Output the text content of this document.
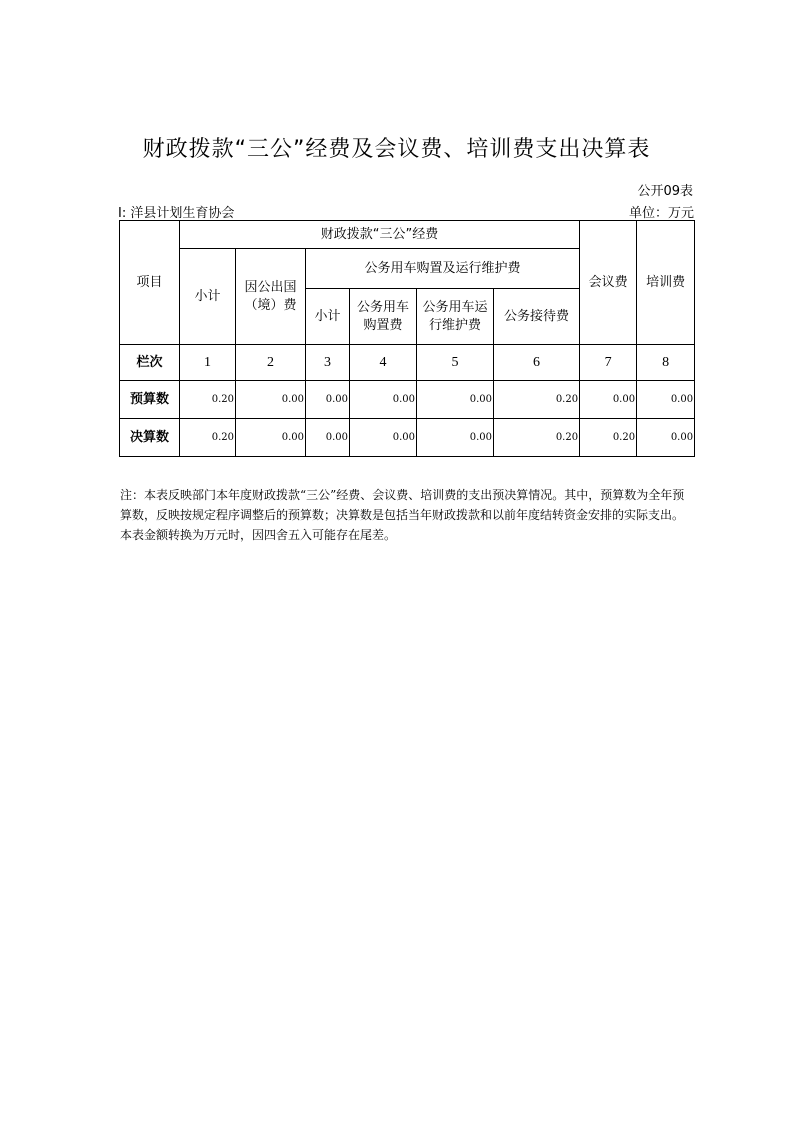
财政拨款“三公”经费及会议费、培训费支出决算表
公开09表
I: 洋县计划生育协会	单位：万元
项目	财政拨款“三公”经费						会议费	培训费
	小计	因公出国（境）费	公务用车购置及运行维护费					
			小计	公务用车购置费	公务用车运行维护费	公务接待费		
栏次	1	2	3	4	5	6	7	8
预算数	0.20	0.00	0.00	0.00	0.00	0.20	0.00	0.00
决算数	0.20	0.00	0.00	0.00	0.00	0.20	0.20	0.00
注：本表反映部门本年度财政拨款“三公”经费、会议费、培训费的支出预决算情况。其中，预算数为全年预算数，反映按规定程序调整后的预算数；决算数是包括当年财政拨款和以前年度结转资金安排的实际支出。本表金额转换为万元时，因四舍五入可能存在尾差。
